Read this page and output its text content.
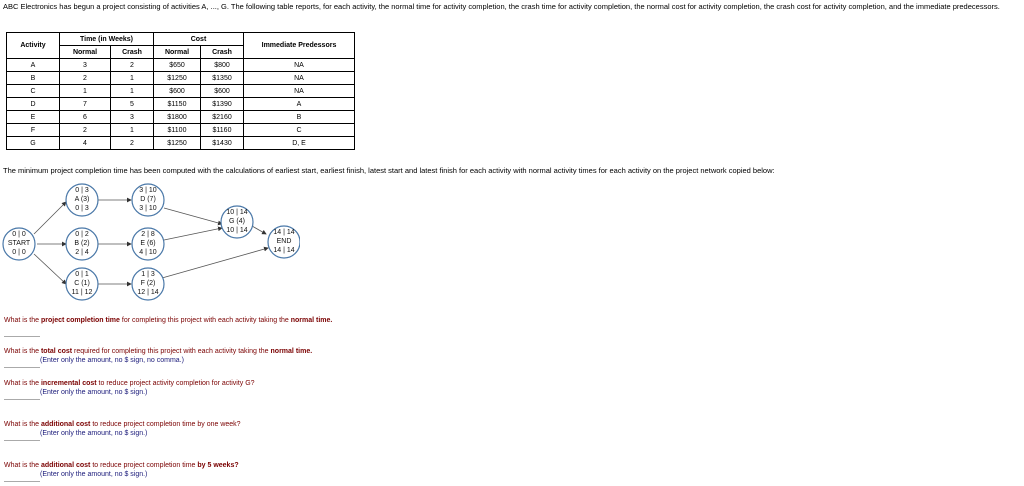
ABC Electronics has begun a project consisting of activities A, ..., G. The following table reports, for each activity, the normal time for activity completion, the crash time for activity completion, the normal cost for activity completion, the crash cost for activity completion, and the immediate predecessors.
Activity	Time (in Weeks)		Cost		Immediate Predessors
	Normal	Crash	Normal	Crash	
A	3	2	$650	$800	NA
B	2	1	$1250	$1350	NA
C	1	1	$600	$600	NA
D	7	5	$1150	$1390	A
E	6	3	$1800	$2160	B
F	2	1	$1100	$1160	C
G	4	2	$1250	$1430	D, E
The minimum project completion time has been computed with the calculations of earliest start, earliest finish, latest start and latest finish for each activity with normal activity times for each activity on the project network copied below:
0 | 0
START
0 | 0
0 | 3
A (3)
0 | 3
0 | 2
B (2)
2 | 4
0 | 1
C (1)
11 | 12
3 | 10
D (7)
3 | 10
2 | 8
E (6)
4 | 10
1 | 3
F (2)
12 | 14
10 | 14
G (4)
10 | 14	14 | 14
END
14 | 14
What is the project completion time for completing this project with each activity taking the normal time.
What is the total cost required for completing this project with each activity taking the normal time.
(Enter only the amount, no $ sign, no comma.)
What is the incremental cost to reduce project activity completion for activity G?
(Enter only the amount, no $ sign.)
What is the additional cost to reduce project completion time by one week?
(Enter only the amount, no $ sign.)
What is the additional cost to reduce project completion time by 5 weeks?
(Enter only the amount, no $ sign.)
